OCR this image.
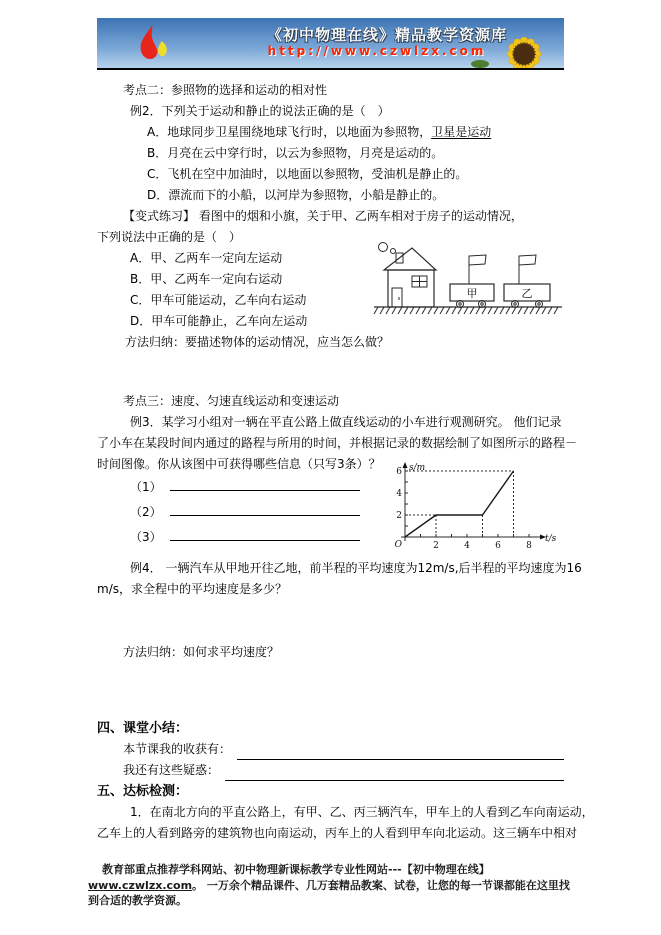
《初中物理在线》精品教学资源库
http://www.czwlzx.com
考点二：参照物的选择和运动的相对性
例2．下列关于运动和静止的说法正确的是（　）
A．地球同步卫星围绕地球飞行时，以地面为参照物，卫星是运动
B．月亮在云中穿行时，以云为参照物，月亮是运动的。
C．飞机在空中加油时，以地面以参照物，受油机是静止的。
D．漂流而下的小船，以河岸为参照物，小船是静止的。
【变式练习】 看图中的烟和小旗，关于甲、乙两车相对于房子的运动情况，
下列说法中正确的是（　）
A．甲、乙两车一定向左运动
B．甲、乙两车一定向右运动
C．甲车可能运动，乙车向右运动
D．甲车可能静止，乙车向左运动
方法归纳：要描述物体的运动情况，应当怎么做？
考点三：速度、匀速直线运动和变速运动
例3．某学习小组对一辆在平直公路上做直线运动的小车进行观测研究。 他们记录
了小车在某段时间内通过的路程与所用的时间，并根据记录的数据绘制了如图所示的路程－
时间图像。你从该图中可获得哪些信息（只写3条）？
（1）
（2）
（3）
例4． 一辆汽车从甲地开往乙地，前半程的平均速度为12m/s,后半程的平均速度为16
m/s，求全程中的平均速度是多少？
方法归纳：如何求平均速度？
四、课堂小结：
本节课我的收获有：
我还有这些疑惑：
五、达标检测：
1．在南北方向的平直公路上，有甲、乙、丙三辆汽车，甲车上的人看到乙车向南运动，
乙车上的人看到路旁的建筑物也向南运动，丙车上的人看到甲车向北运动。这三辆车中相对
甲	乙
s/m
t/s
O	2	4	6	8
2
4
6
教育部重点推荐学科网站、初中物理新课标教学专业性网站---【初中物理在线】www.czwlzx.com。 一万余个精品课件、几万套精品教案、试卷，让您的每一节课都能在这里找到合适的教学资源。
